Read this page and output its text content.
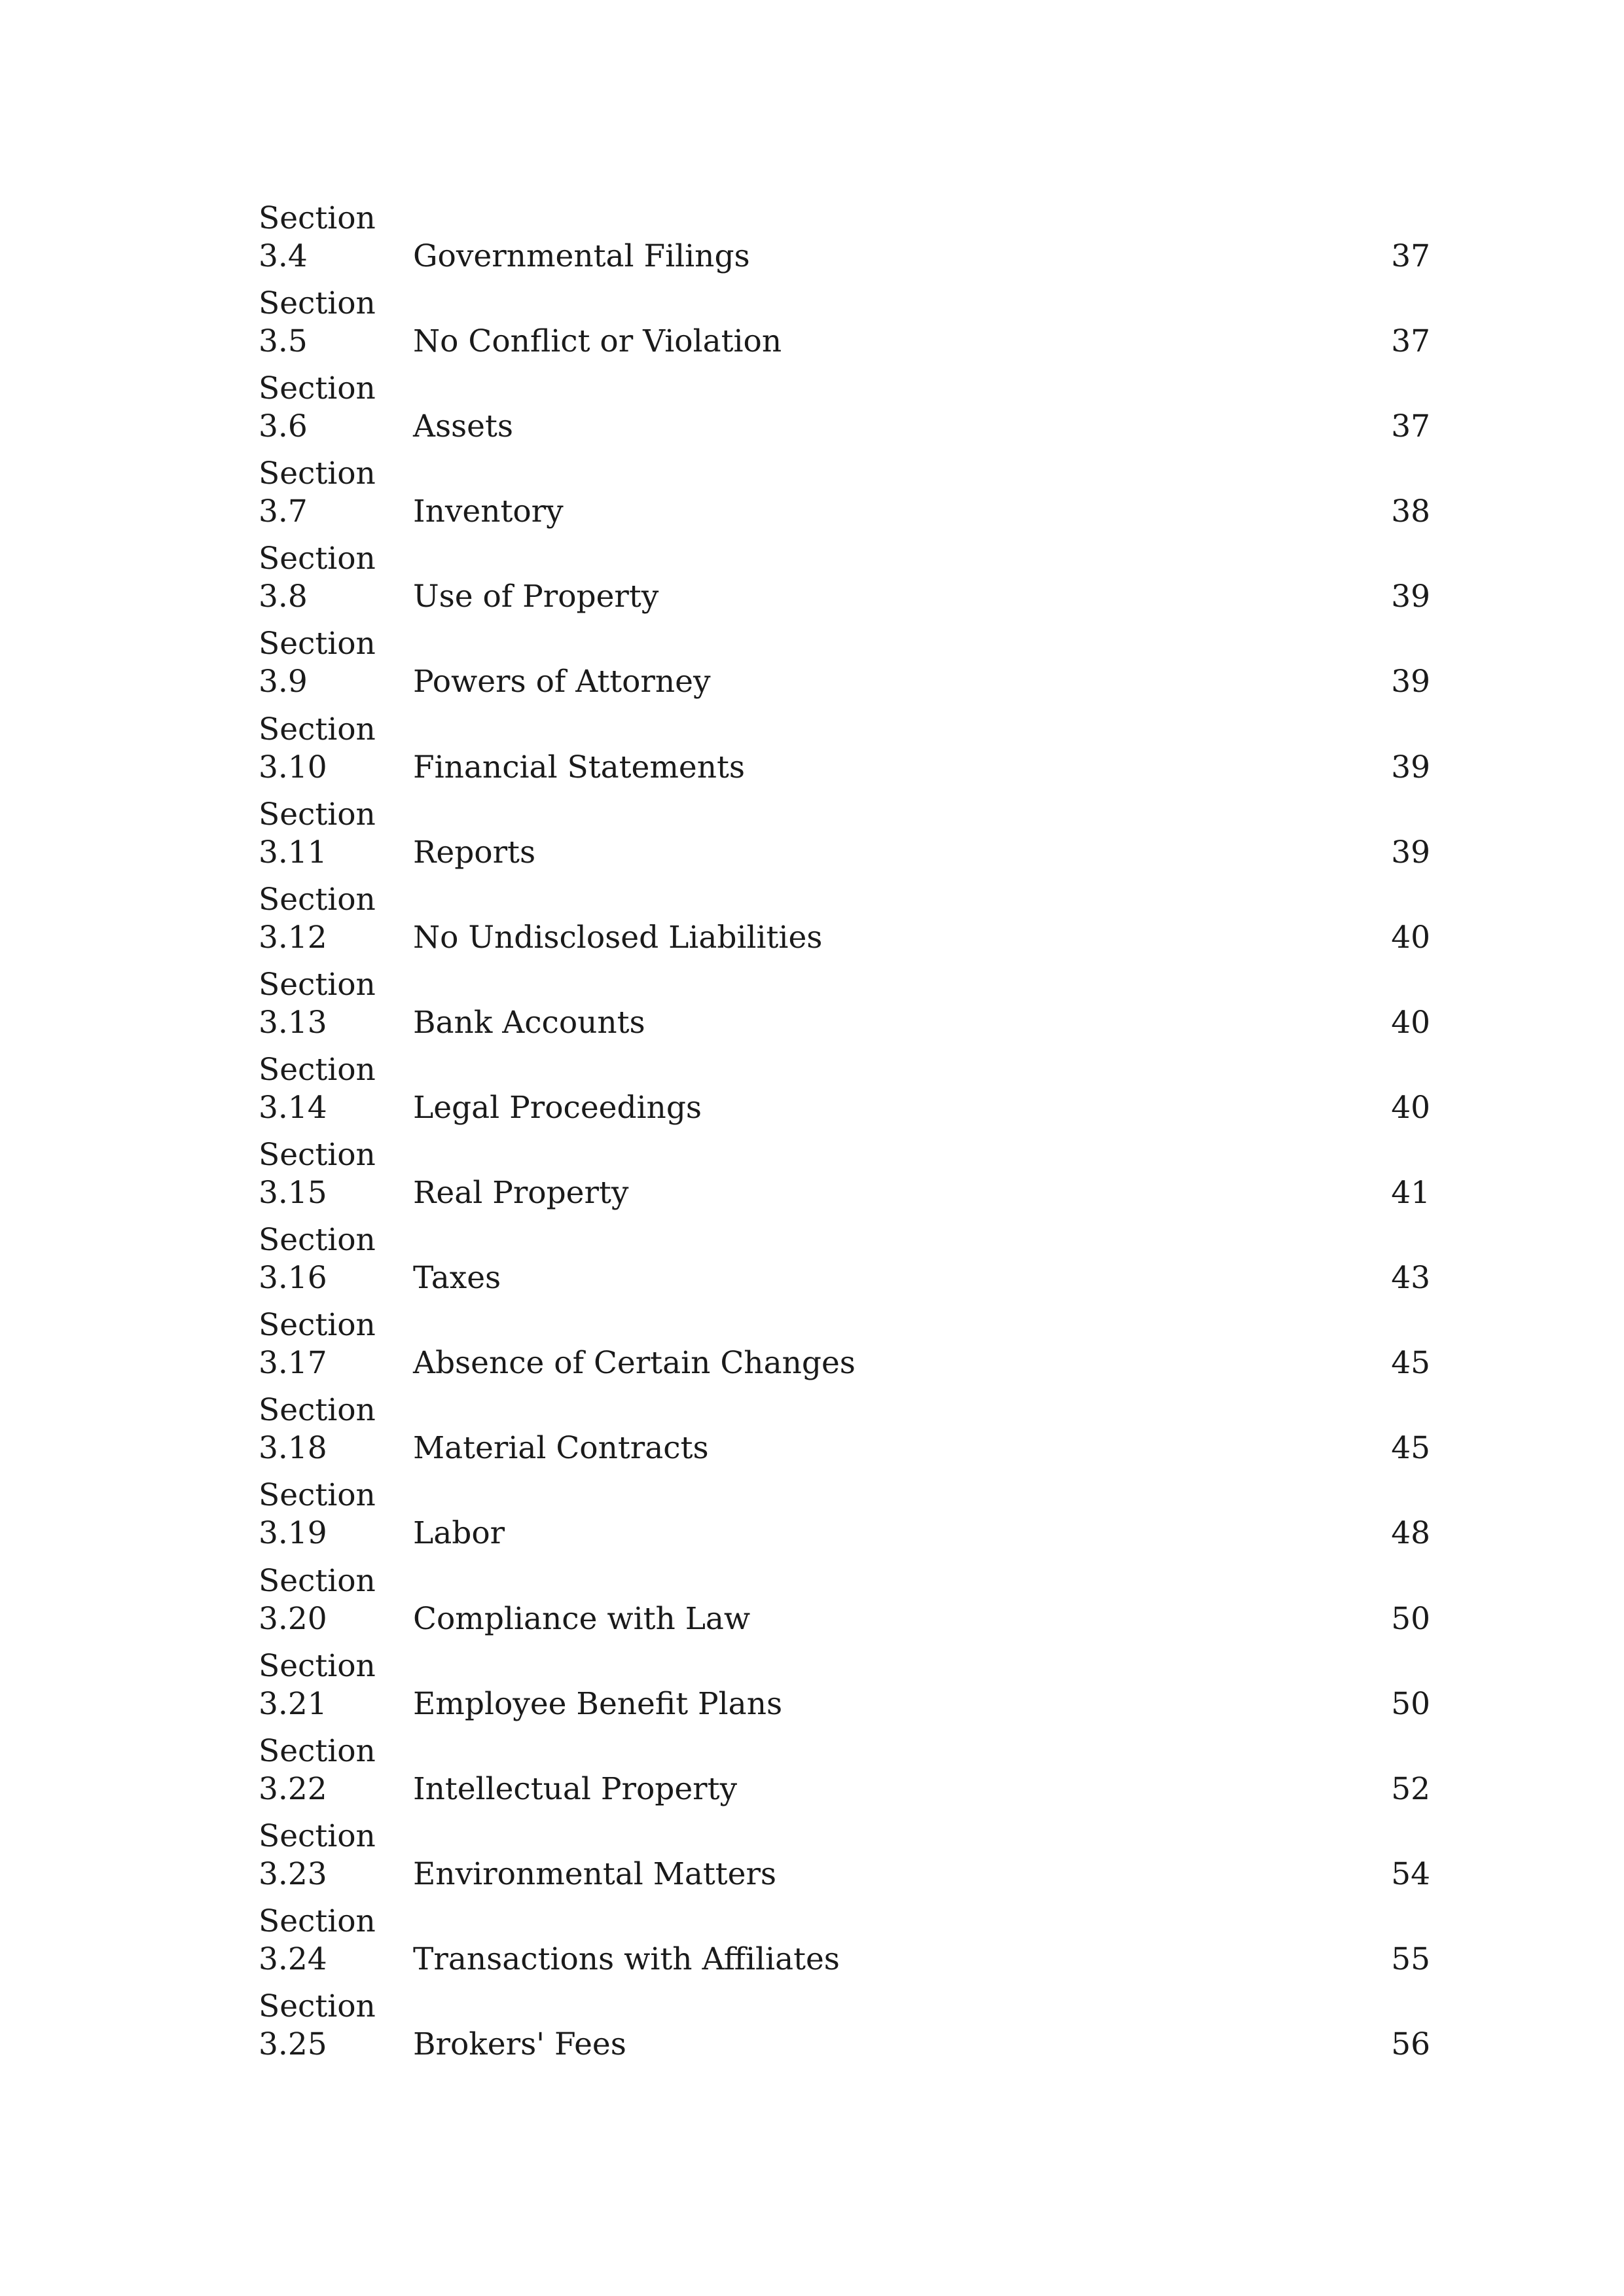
Section
3.4	Governmental Filings	37
Section
3.5	No Conflict or Violation	37
Section
3.6	Assets	37
Section
3.7	Inventory	38
Section
3.8	Use of Property	39
Section
3.9	Powers of Attorney	39
Section
3.10	Financial Statements	39
Section
3.11	Reports	39
Section
3.12	No Undisclosed Liabilities	40
Section
3.13	Bank Accounts	40
Section
3.14	Legal Proceedings	40
Section
3.15	Real Property	41
Section
3.16	Taxes	43
Section
3.17	Absence of Certain Changes	45
Section
3.18	Material Contracts	45
Section
3.19	Labor	48
Section
3.20	Compliance with Law	50
Section
3.21	Employee Benefit Plans	50
Section
3.22	Intellectual Property	52
Section
3.23	Environmental Matters	54
Section
3.24	Transactions with Affiliates	55
Section
3.25	Brokers' Fees	56
